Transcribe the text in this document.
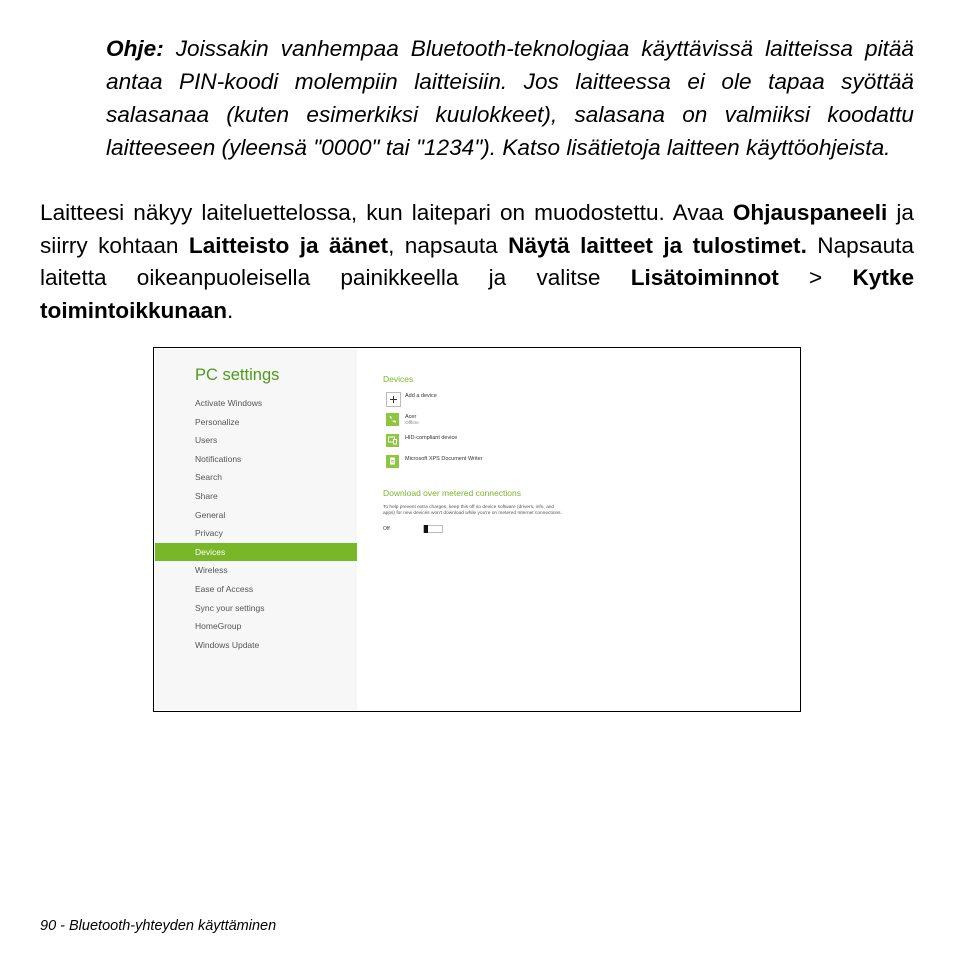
Ohje: Joissakin vanhempaa Bluetooth-teknologiaa käyttävissä laitteissa pitää antaa PIN-koodi molempiin laitteisiin. Jos laitteessa ei ole tapaa syöttää salasanaa (kuten esimerkiksi kuulokkeet), salasana on valmiiksi koodattu laitteeseen (yleensä "0000" tai "1234"). Katso lisätietoja laitteen käyttöohjeista.
Laitteesi näkyy laiteluettelossa, kun laitepari on muodostettu. Avaa Ohjauspaneeli ja siirry kohtaan Laitteisto ja äänet, napsauta Näytä laitteet ja tulostimet. Napsauta laitetta oikeanpuoleisella painikkeella ja valitse Lisätoiminnot > Kytke toimintoikkunaan.
PC settings
Activate Windows
Personalize
Users
Notifications
Search
Share
General
Privacy
Devices
Wireless
Ease of Access
Sync your settings
HomeGroup
Windows Update
Devices
Add a device
Acer
Offline
HID-compliant device
Microsoft XPS Document Writer
Download over metered connections
To help prevent extra charges, keep this off so device software (drivers, info, and apps) for new devices won't download while you're on metered Internet connections.
Off
90 - Bluetooth-yhteyden käyttäminen
